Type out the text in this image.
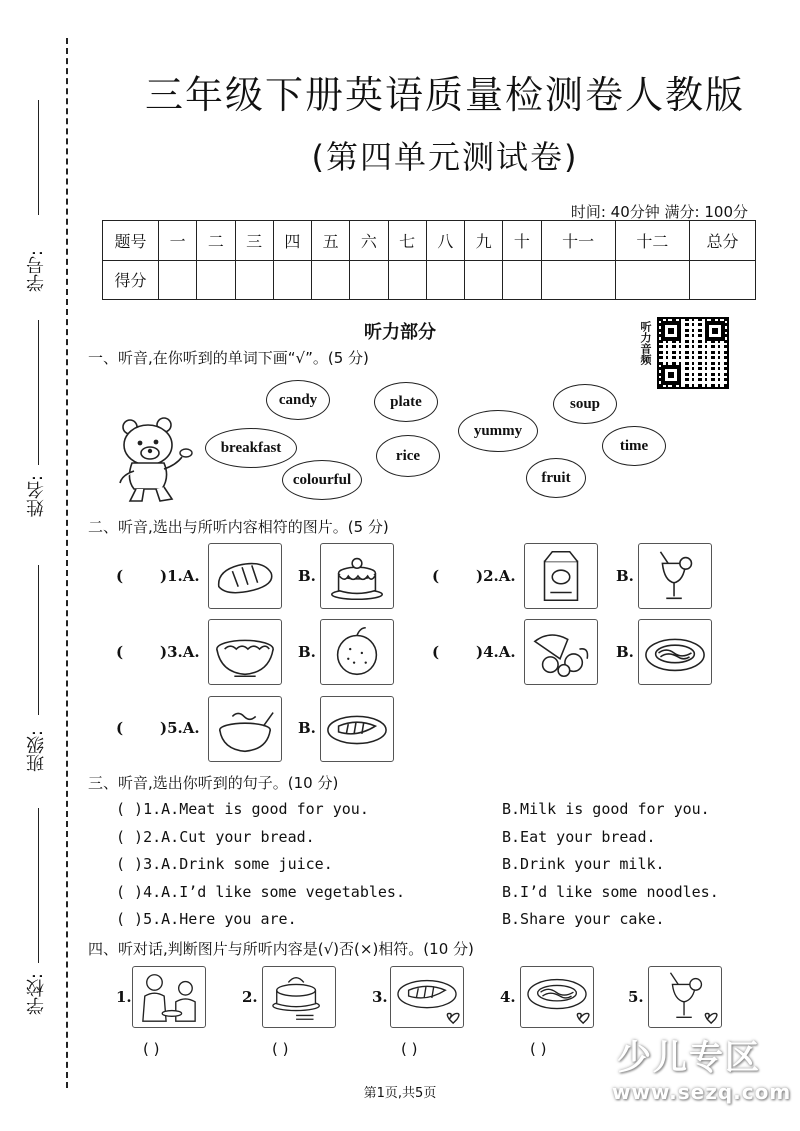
学号:
姓名:
班级:
学校:
三年级下册英语质量检测卷人教版
(第四单元测试卷)
时间: 40分钟 满分: 100分
题号	一	二	三	四	五	六	七	八	九	十	十一	十二	总分
得分													
听力部分	听力音频
一、听音,在你听到的单词下画“√”。(5 分)
candy	plate	soup
breakfast
yummy
time
rice
colourful	fruit
二、听音,选出与所听内容相符的图片。(5 分)
( )1.A.	B.	( )2.A.	B.
( )3.A.	B.	( )4.A.	B.
( )5.A.	B.
三、听音,选出你听到的句子。(10 分)
( )1.A.Meat is good for you.	B.Milk is good for you.
( )2.A.Cut your bread.	B.Eat your bread.
( )3.A.Drink some juice.	B.Drink your milk.
( )4.A.I’d like some vegetables.	B.I’d like some noodles.
( )5.A.Here you are.	B.Share your cake.
四、听对话,判断图片与所听内容是(√)否(×)相符。(10 分)
1.
( )
2.
( )
3.
( )
4.
( )
5.
第1页,共5页
少儿专区
www.sezq.com
